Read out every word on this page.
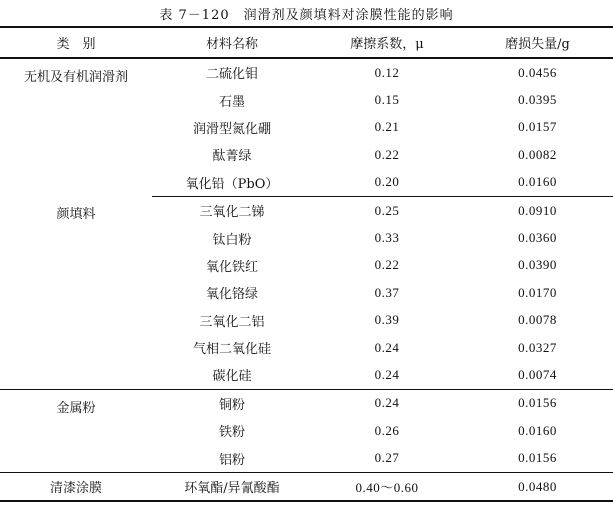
表 7－120　润滑剂及颜填料对涂膜性能的影响
类　别	材料名称	摩擦系数，μ	磨损失量/g
无机及有机润滑剂	二硫化钼	0.12	0.0456
	石墨	0.15	0.0395
	润滑型氮化硼	0.21	0.0157
	酞菁绿	0.22	0.0082
	氧化铅（PbO）	0.20	0.0160
颜填料	三氧化二锑	0.25	0.0910
	钛白粉	0.33	0.0360
	氧化铁红	0.22	0.0390
	氧化铬绿	0.37	0.0170
	三氧化二铝	0.39	0.0078
	气相二氧化硅	0.24	0.0327
	碳化硅	0.24	0.0074
金属粉	铜粉	0.24	0.0156
	铁粉	0.26	0.0160
	铝粉	0.27	0.0156
清漆涂膜	环氧酯/异氰酸酯	0.40～0.60	0.0480
